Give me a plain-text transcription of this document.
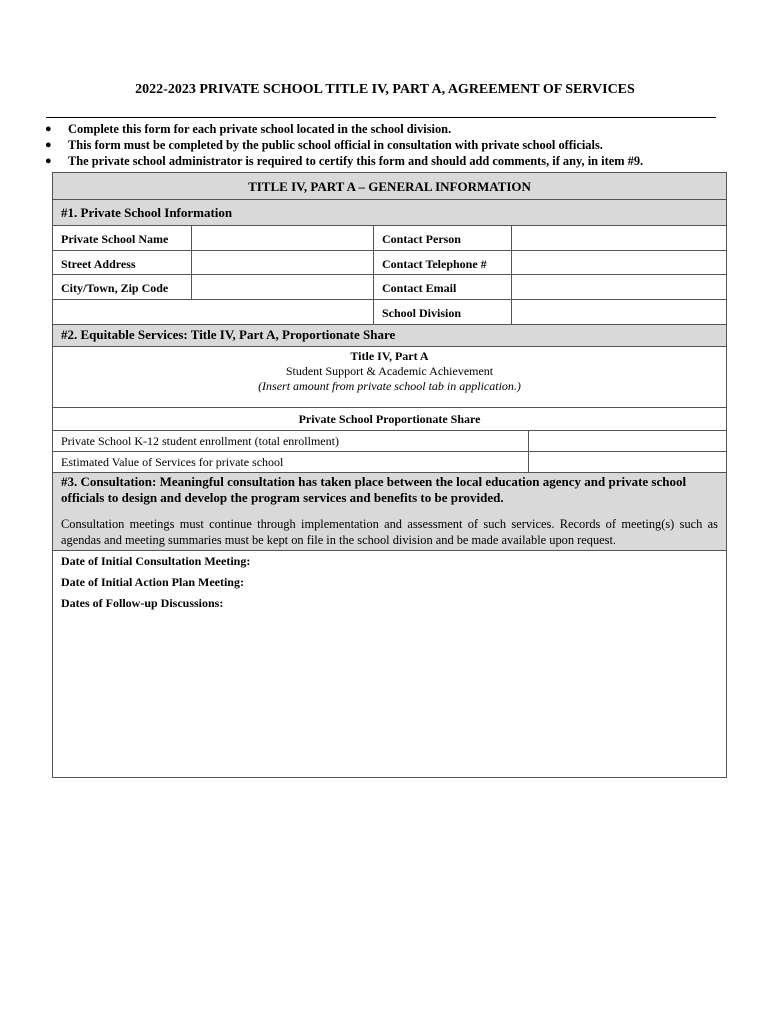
2022-2023 PRIVATE SCHOOL TITLE IV, PART A, AGREEMENT OF SERVICES
● Complete this form for each private school located in the school division.
● This form must be completed by the public school official in consultation with private school officials.
● The private school administrator is required to certify this form and should add comments, if any, in item #9.
TITLE IV, PART A – GENERAL INFORMATION
#1. Private School Information
Private School Name	Contact Person
Street Address	Contact Telephone #
City/Town, Zip Code	Contact Email
School Division
#2. Equitable Services: Title IV, Part A, Proportionate Share
Title IV, Part A
Student Support & Academic Achievement
(Insert amount from private school tab in application.)
Private School Proportionate Share
Private School K-12 student enrollment (total enrollment)
Estimated Value of Services for private school
#3. Consultation: Meaningful consultation has taken place between the local education agency and private school officials to design and develop the program services and benefits to be provided.
Consultation meetings must continue through implementation and assessment of such services. Records of meeting(s) such as agendas and meeting summaries must be kept on file in the school division and be made available upon request.
Date of Initial Consultation Meeting:
Date of Initial Action Plan Meeting:
Dates of Follow-up Discussions:
